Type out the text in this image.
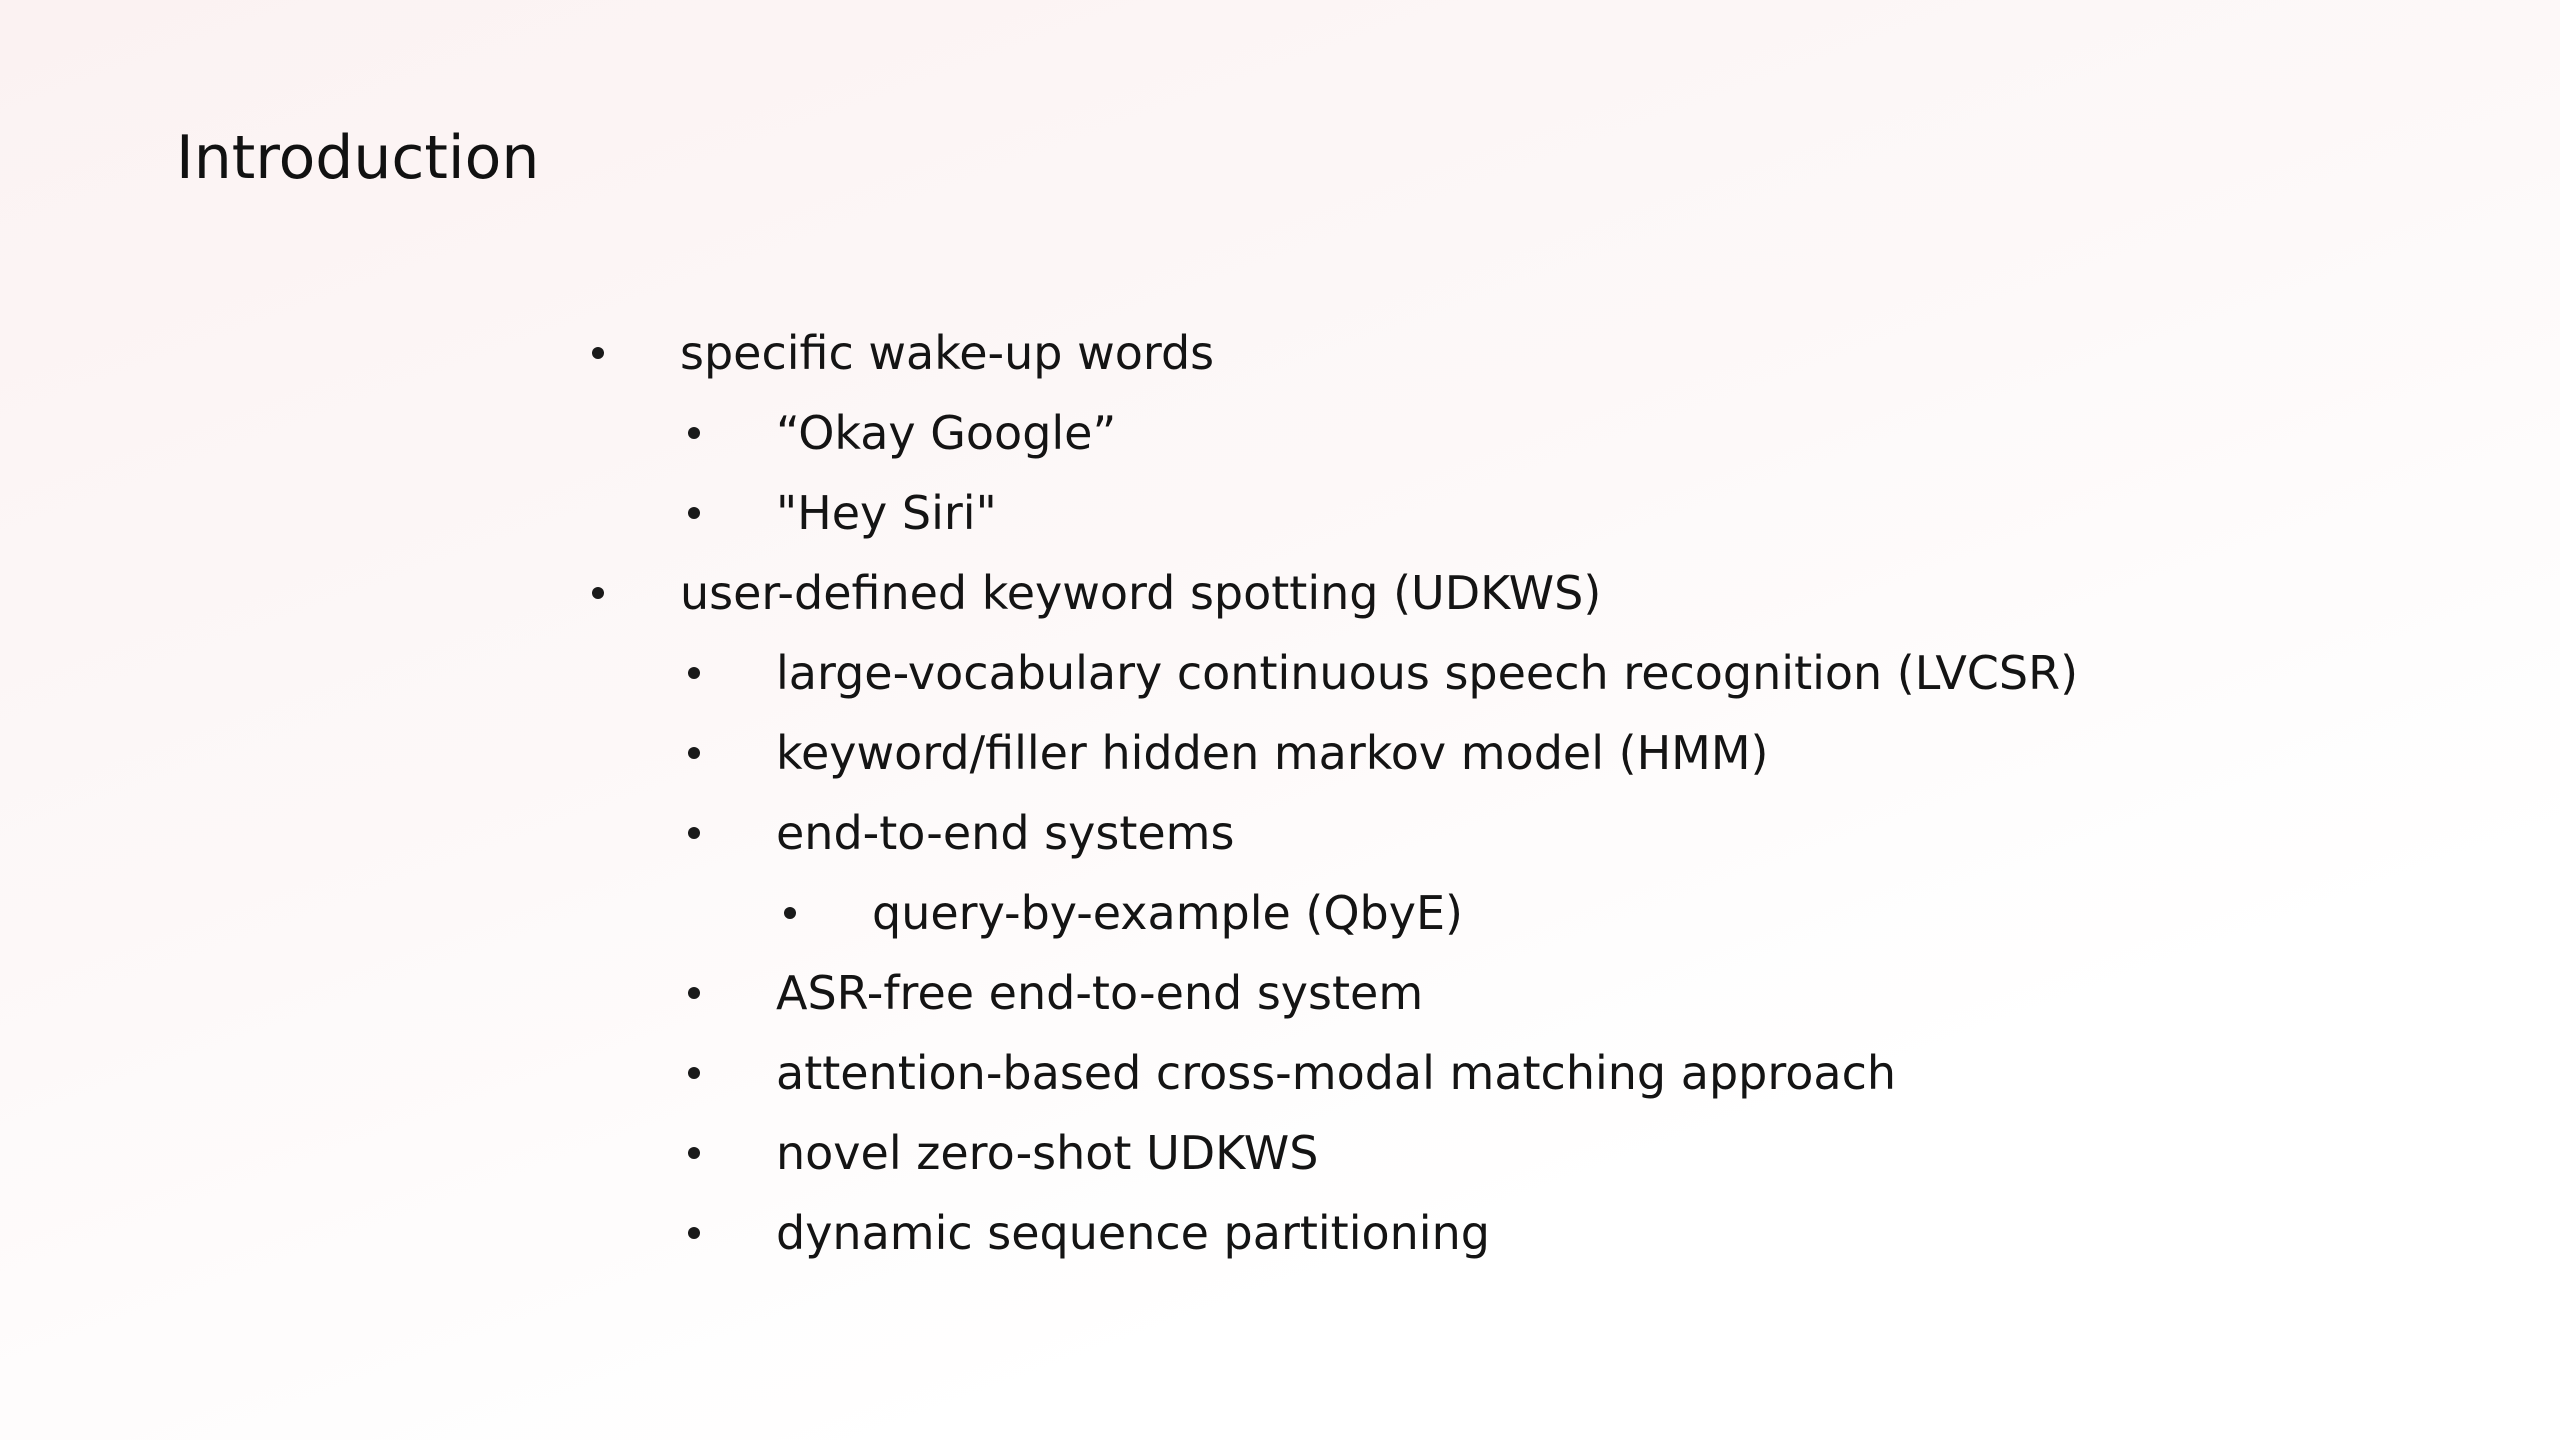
Introduction
specific wake-up words
“Okay Google”
"Hey Siri"
user-defined keyword spotting (UDKWS)
large-vocabulary continuous speech recognition (LVCSR)
keyword/filler hidden markov model (HMM)
end-to-end systems
query-by-example (QbyE)
ASR-free end-to-end system
attention-based cross-modal matching approach
novel zero-shot UDKWS
dynamic sequence partitioning
